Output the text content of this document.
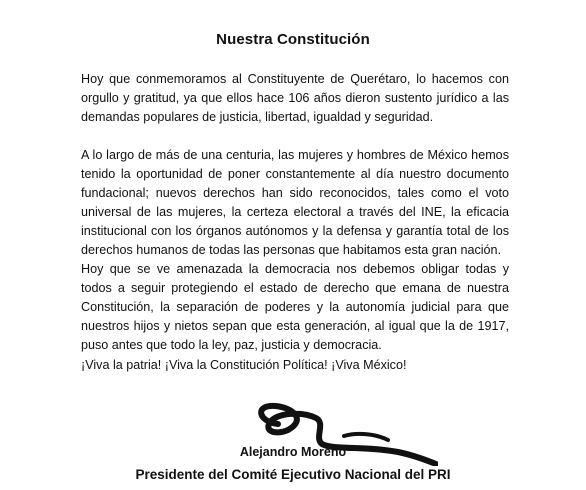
Nuestra Constitución

Hoy que conmemoramos al Constituyente de Querétaro, lo hacemos con orgullo y gratitud, ya que ellos hace 106 años dieron sustento jurídico a las demandas populares de justicia, libertad, igualdad y seguridad.

A lo largo de más de una centuria, las mujeres y hombres de México hemos tenido la oportunidad de poner constantemente al día nuestro documento fundacional; nuevos derechos han sido reconocidos, tales como el voto universal de las mujeres, la certeza electoral a través del INE, la eficacia institucional con los órganos autónomos y la defensa y garantía total de los derechos humanos de todas las personas que habitamos esta gran nación.

Hoy que se ve amenazada la democracia nos debemos obligar todas y todos a seguir protegiendo el estado de derecho que emana de nuestra Constitución, la separación de poderes y la autonomía judicial para que nuestros hijos y nietos sepan que esta generación, al igual que la de 1917, puso antes que todo la ley, paz, justicia y democracia.

¡Viva la patria! ¡Viva la Constitución Política! ¡Viva México!

Alejandro Moreno
Presidente del Comité Ejecutivo Nacional del PRI
